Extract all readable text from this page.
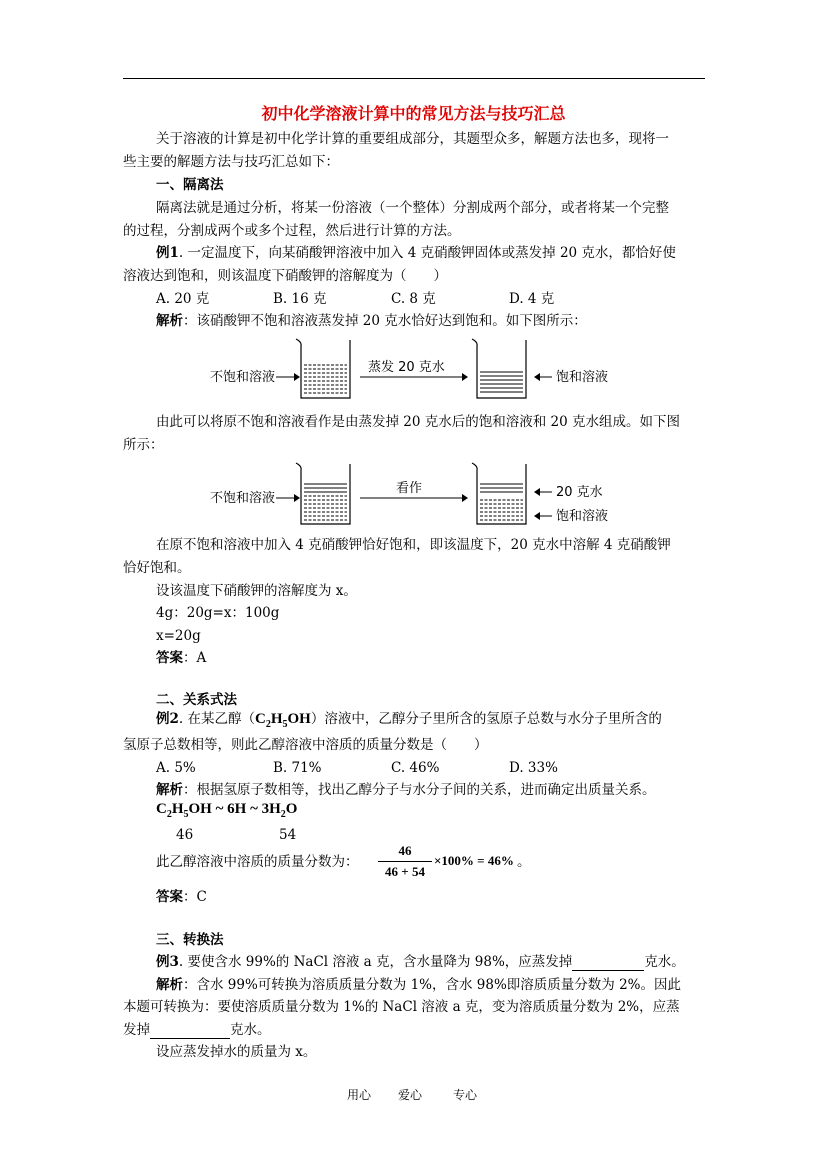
初中化学溶液计算中的常见方法与技巧汇总
关于溶液的计算是初中化学计算的重要组成部分，其题型众多，解题方法也多，现将一
些主要的解题方法与技巧汇总如下：
一、隔离法
隔离法就是通过分析，将某一份溶液（一个整体）分割成两个部分，或者将某一个完整
的过程，分割成两个或多个过程，然后进行计算的方法。
例1. 一定温度下，向某硝酸钾溶液中加入 4 克硝酸钾固体或蒸发掉 20 克水，都恰好使
溶液达到饱和，则该温度下硝酸钾的溶解度为（　　）
A. 20 克	B. 16 克	C. 8 克	D. 4 克
解析：该硝酸钾不饱和溶液蒸发掉 20 克水恰好达到饱和。如下图所示：
不饱和溶液
蒸发 20 克水
饱和溶液
由此可以将原不饱和溶液看作是由蒸发掉 20 克水后的饱和溶液和 20 克水组成。如下图
所示：
不饱和溶液
看作	20 克水
饱和溶液
在原不饱和溶液中加入 4 克硝酸钾恰好饱和，即该温度下，20 克水中溶解 4 克硝酸钾
恰好饱和。
设该温度下硝酸钾的溶解度为 x。
4g：20g=x：100g
x=20g
答案：A
二、关系式法
例2. 在某乙醇$(C_2H_5OH)$溶液中，乙醇分子里所含的氢原子总数与水分子里所含的
氢原子总数相等，则此乙醇溶液中溶质的质量分数是（　　）
A. 5%	B. 71%	C. 46%	D. 33%
解析：根据氢原子数相等，找出乙醇分子与水分子间的关系，进而确定出质量关系。
$C_2H_5OH$ ~ 6H ~ $3H_2O$
46	54
此乙醇溶液中溶质的质量分数为：
46
46 + 54
×100% = 46% 。
答案：C
三、转换法
例3. 要使含水 99%的 NaCl 溶液 a 克，含水量降为 98%，应蒸发掉	克水。
解析：含水 99%可转换为溶质质量分数为 1%，含水 98%即溶质质量分数为 2%。因此
本题可转换为：要使溶质质量分数为 1%的 NaCl 溶液 a 克，变为溶质质量分数为 2%，应蒸
发掉	克水。
设应蒸发掉水的质量为 x。
用心 爱心	专心
